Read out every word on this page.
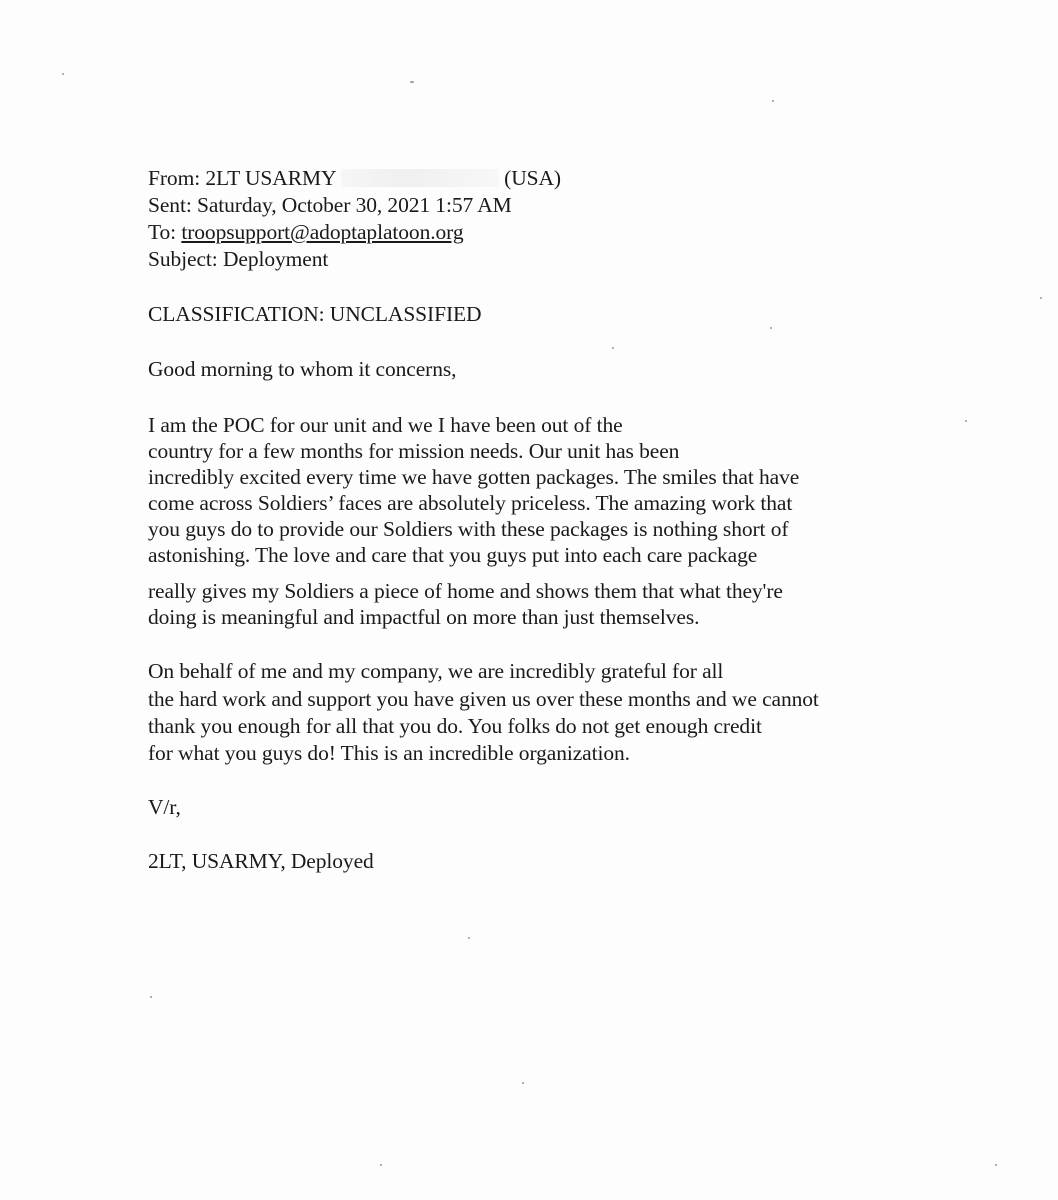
From: 2LT USARMY	(USA)
Sent: Saturday, October 30, 2021 1:57 AM
To: troopsupport@adoptaplatoon.org
Subject: Deployment
CLASSIFICATION: UNCLASSIFIED
Good morning to whom it concerns,
I am the POC for our unit and we I have been out of the
country for a few months for mission needs. Our unit has been
incredibly excited every time we have gotten packages. The smiles that have
come across Soldiers’ faces are absolutely priceless. The amazing work that
you guys do to provide our Soldiers with these packages is nothing short of
astonishing. The love and care that you guys put into each care package
really gives my Soldiers a piece of home and shows them that what they're
doing is meaningful and impactful on more than just themselves.
On behalf of me and my company, we are incredibly grateful for all
the hard work and support you have given us over these months and we cannot
thank you enough for all that you do. You folks do not get enough credit
for what you guys do! This is an incredible organization.
V/r,
2LT, USARMY, Deployed
